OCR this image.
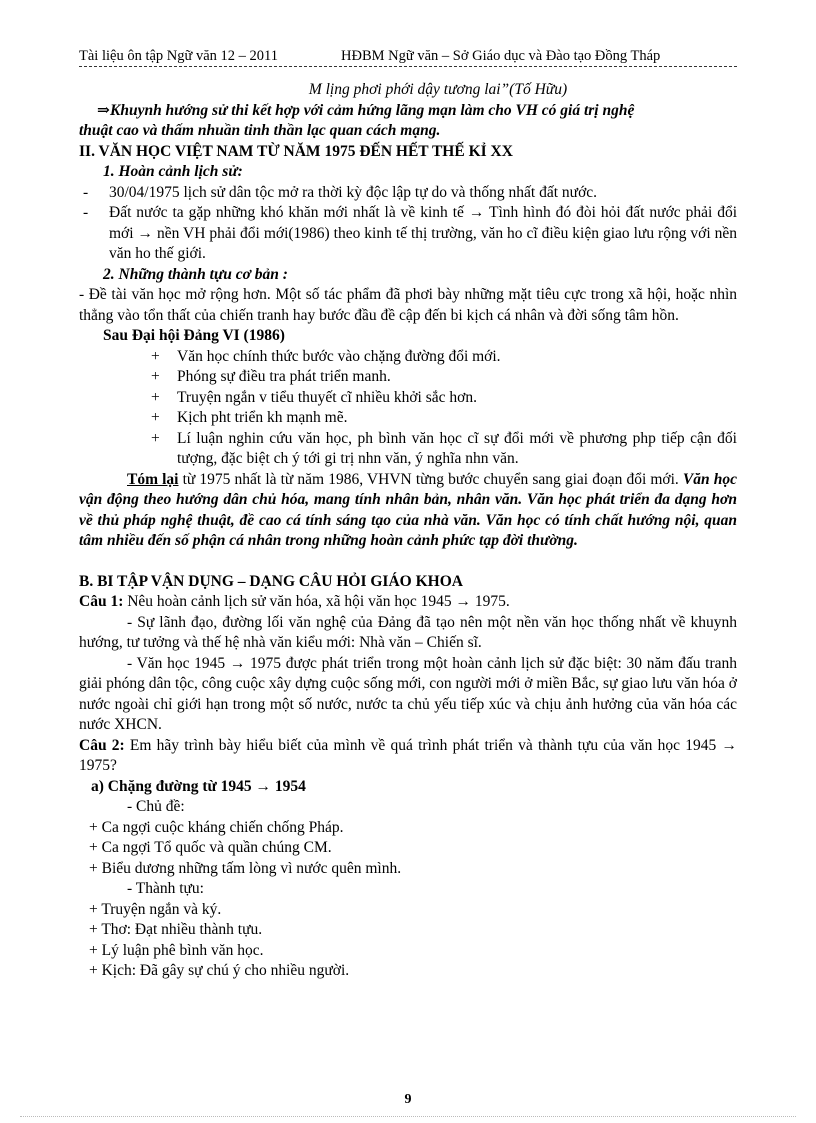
Tài liệu ôn tập Ngữ văn 12 – 2011	HĐBM Ngữ văn – Sở Giáo dục và Đào tạo Đồng Tháp
M lịng phơi phới dậy tương lai”(Tố Hữu)
⇒Khuynh hướng sử thi kết hợp với cảm hứng lãng mạn làm cho VH có giá trị nghệ
thuật cao và thấm nhuần tinh thần lạc quan cách mạng.
II. VĂN HỌC VIỆT NAM TỪ NĂM 1975 ĐẾN HẾT THẾ KỈ XX
1. Hoàn cảnh lịch sử:
-	30/04/1975 lịch sử dân tộc mở ra thời kỳ độc lập tự do và thống nhất đất nước.
-	Đất nước ta gặp những khó khăn mới nhất là về kinh tế → Tình hình đó đòi hỏi đất nước phải đổi mới → nền VH phải đổi mới(1986) theo kinh tế thị trường, văn ho cĩ điều kiện giao lưu rộng với nền văn ho thế giới.
2. Những thành tựu cơ bản :
- Đề tài văn học mở rộng hơn. Một số tác phẩm đã phơi bày những mặt tiêu cực trong xã hội, hoặc nhìn thẳng vào tổn thất của chiến tranh hay bước đầu đề cập đến bi kịch cá nhân và đời sống tâm hồn.
Sau Đại hội Đảng VI (1986)
+	Văn học chính thức bước vào chặng đường đổi mới.
+	Phóng sự điều tra phát triển manh.
+	Truyện ngắn v tiểu thuyết cĩ nhiều khởi sắc hơn.
+	Kịch pht triển kh mạnh mẽ.
+	Lí luận nghin cứu văn học, ph bình văn học cĩ sự đổi mới về phương php tiếp cận đối tượng, đặc biệt ch ý tới gi trị nhn văn, ý nghĩa nhn văn.
Tóm lại từ 1975 nhất là từ năm 1986, VHVN từng bước chuyển sang giai đoạn đổi mới. Văn học vận động theo hướng dân chủ hóa, mang tính nhân bản, nhân văn. Văn học phát triển đa dạng hơn về thủ pháp nghệ thuật, đề cao cá tính sáng tạo của nhà văn. Văn học có tính chất hướng nội, quan tâm nhiều đến số phận cá nhân trong những hoàn cảnh phức tạp đời thường.
B. BI TẬP VẬN DỤNG – DẠNG CÂU HỎI GIÁO KHOA
Câu 1: Nêu hoàn cảnh lịch sử văn hóa, xã hội văn học 1945 → 1975.
- Sự lãnh đạo, đường lối văn nghệ của Đảng đã tạo nên một nền văn học thống nhất về khuynh hướng, tư tưởng và thế hệ nhà văn kiểu mới: Nhà văn – Chiến sĩ.
- Văn học 1945 → 1975 được phát triển trong một hoàn cảnh lịch sử đặc biệt: 30 năm đấu tranh giải phóng dân tộc, công cuộc xây dựng cuộc sống mới, con người mới ở miền Bắc, sự giao lưu văn hóa ở nước ngoài chỉ giới hạn trong một số nước, nước ta chủ yếu tiếp xúc và chịu ảnh hưởng của văn hóa các nước XHCN.
Câu 2: Em hãy trình bày hiểu biết của mình về quá trình phát triển và thành tựu của văn học 1945 → 1975?
a) Chặng đường từ 1945 → 1954
- Chủ đề:
+ Ca ngợi cuộc kháng chiến chống Pháp.
+ Ca ngợi Tổ quốc và quần chúng CM.
+ Biểu dương những tấm lòng vì nước quên mình.
- Thành tựu:
+ Truyện ngắn và ký.
+ Thơ: Đạt nhiều thành tựu.
+ Lý luận phê bình văn học.
+ Kịch: Đã gây sự chú ý cho nhiều người.
9
